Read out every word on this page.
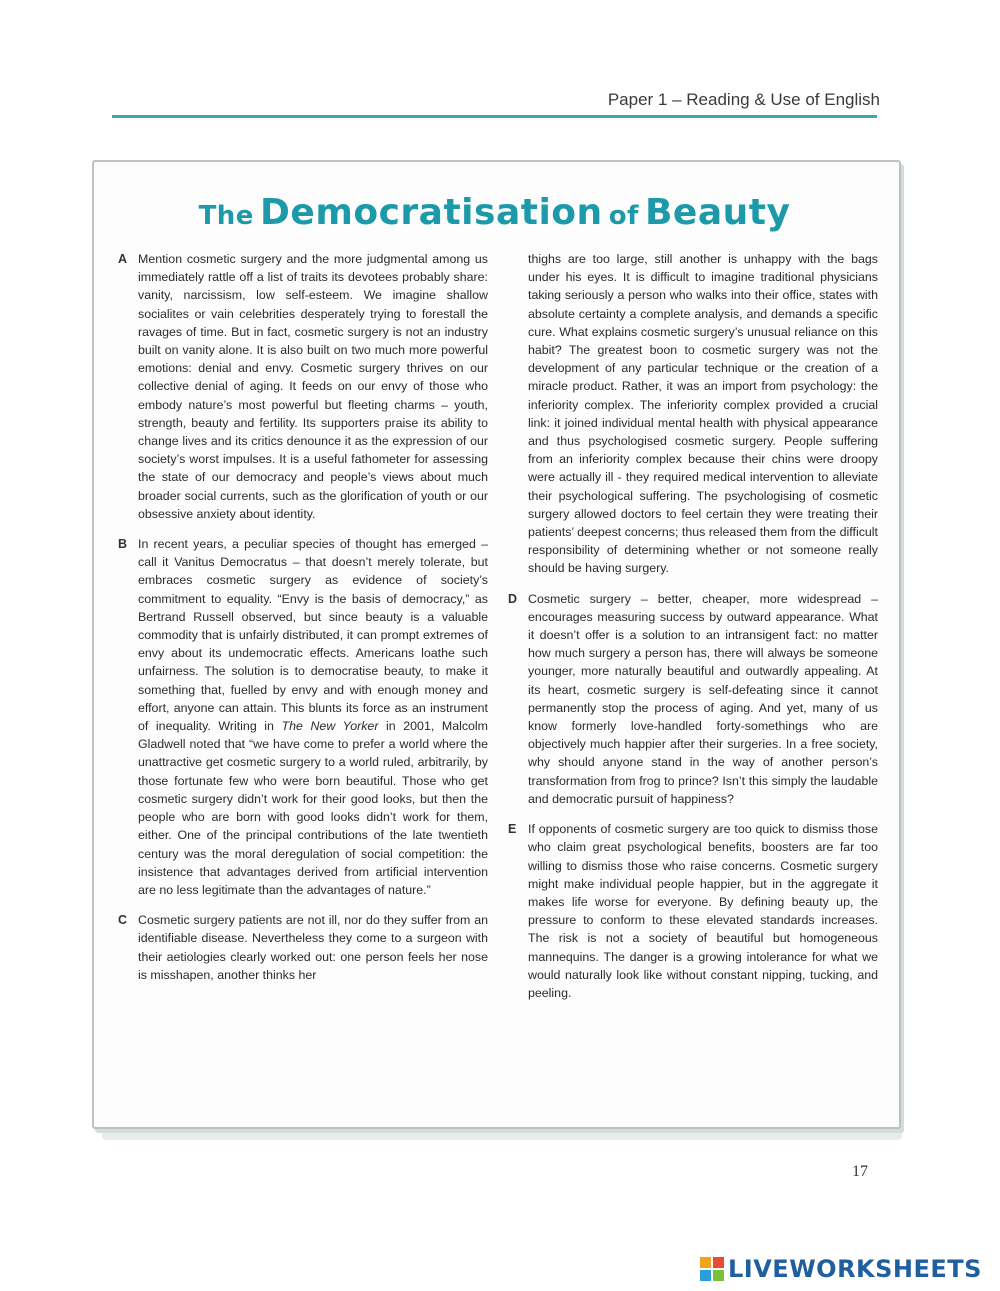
Paper 1 – Reading & Use of English
The Democratisation of Beauty
A Mention cosmetic surgery and the more judgmental among us immediately rattle off a list of traits its devotees probably share: vanity, narcissism, low self-esteem. We imagine shallow socialites or vain celebrities desperately trying to forestall the ravages of time. But in fact, cosmetic surgery is not an industry built on vanity alone. It is also built on two much more powerful emotions: denial and envy. Cosmetic surgery thrives on our collective denial of aging. It feeds on our envy of those who embody nature’s most powerful but fleeting charms – youth, strength, beauty and fertility. Its supporters praise its ability to change lives and its critics denounce it as the expression of our society’s worst impulses. It is a useful fathometer for assessing the state of our democracy and people’s views about much broader social currents, such as the glorification of youth or our obsessive anxiety about identity.
B In recent years, a peculiar species of thought has emerged – call it Vanitus Democratus – that doesn’t merely tolerate, but embraces cosmetic surgery as evidence of society’s commitment to equality. “Envy is the basis of democracy,” as Bertrand Russell observed, but since beauty is a valuable commodity that is unfairly distributed, it can prompt extremes of envy about its undemocratic effects. Americans loathe such unfairness. The solution is to democratise beauty, to make it something that, fuelled by envy and with enough money and effort, anyone can attain. This blunts its force as an instrument of inequality. Writing in The New Yorker in 2001, Malcolm Gladwell noted that “we have come to prefer a world where the unattractive get cosmetic surgery to a world ruled, arbitrarily, by those fortunate few who were born beautiful. Those who get cosmetic surgery didn’t work for their good looks, but then the people who are born with good looks didn’t work for them, either. One of the principal contributions of the late twentieth century was the moral deregulation of social competition: the insistence that advantages derived from artificial intervention are no less legitimate than the advantages of nature.”
C Cosmetic surgery patients are not ill, nor do they suffer from an identifiable disease. Nevertheless they come to a surgeon with their aetiologies clearly worked out: one person feels her nose is misshapen, another thinks her
thighs are too large, still another is unhappy with the bags under his eyes. It is difficult to imagine traditional physicians taking seriously a person who walks into their office, states with absolute certainty a complete analysis, and demands a specific cure. What explains cosmetic surgery’s unusual reliance on this habit? The greatest boon to cosmetic surgery was not the development of any particular technique or the creation of a miracle product. Rather, it was an import from psychology: the inferiority complex. The inferiority complex provided a crucial link: it joined individual mental health with physical appearance and thus psychologised cosmetic surgery. People suffering from an inferiority complex because their chins were droopy were actually ill - they required medical intervention to alleviate their psychological suffering. The psychologising of cosmetic surgery allowed doctors to feel certain they were treating their patients’ deepest concerns; thus released them from the difficult responsibility of determining whether or not someone really should be having surgery.
D Cosmetic surgery – better, cheaper, more widespread – encourages measuring success by outward appearance. What it doesn’t offer is a solution to an intransigent fact: no matter how much surgery a person has, there will always be someone younger, more naturally beautiful and outwardly appealing. At its heart, cosmetic surgery is self-defeating since it cannot permanently stop the process of aging. And yet, many of us know formerly love-handled forty-somethings who are objectively much happier after their surgeries. In a free society, why should anyone stand in the way of another person’s transformation from frog to prince? Isn’t this simply the laudable and democratic pursuit of happiness?
E If opponents of cosmetic surgery are too quick to dismiss those who claim great psychological benefits, boosters are far too willing to dismiss those who raise concerns. Cosmetic surgery might make individual people happier, but in the aggregate it makes life worse for everyone. By defining beauty up, the pressure to conform to these elevated standards increases. The risk is not a society of beautiful but homogeneous mannequins. The danger is a growing intolerance for what we would naturally look like without constant nipping, tucking, and peeling.
17
LIVEWORKSHEETS
